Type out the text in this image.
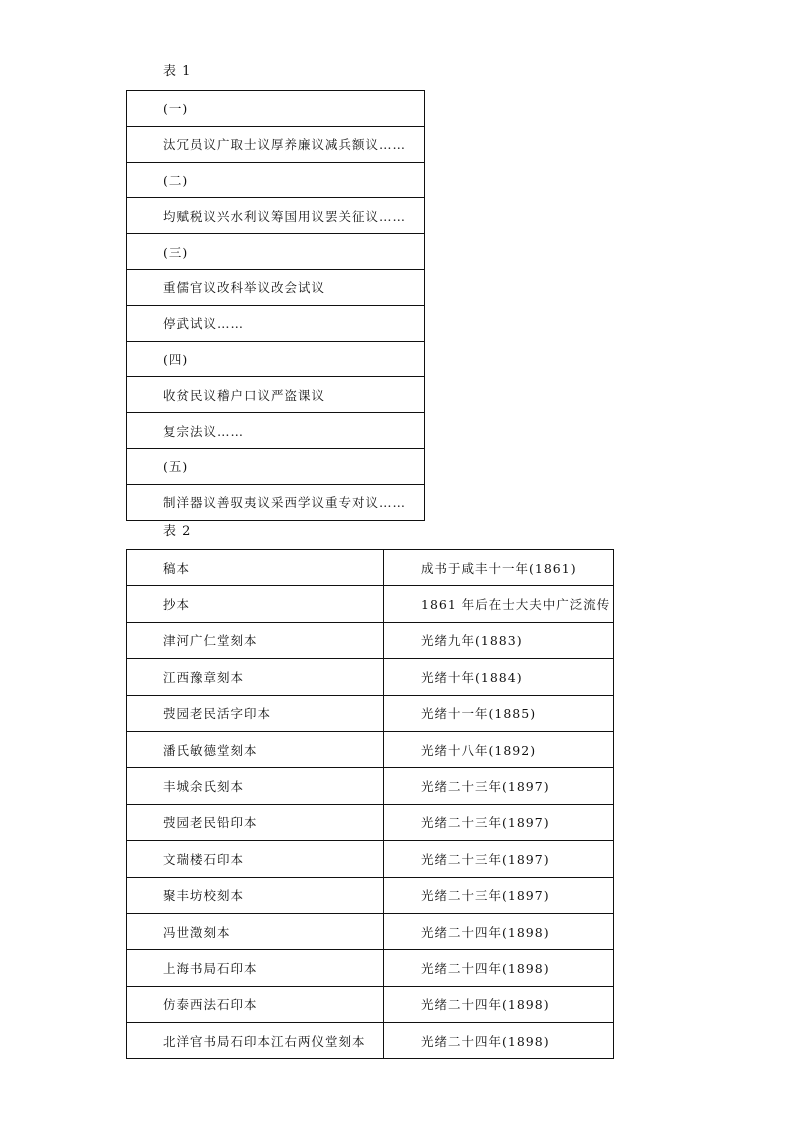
表 1
(一)
汰冗员议广取士议厚养廉议减兵额议……
(二)
均赋税议兴水利议筹国用议罢关征议……
(三)
重儒官议改科举议改会试议
停武试议……
(四)
收贫民议稽户口议严盗课议
复宗法议……
(五)
制洋器议善驭夷议采西学议重专对议……
表 2
稿本	成书于咸丰十一年(1861)
抄本	1861 年后在士大夫中广泛流传
津河广仁堂刻本	光绪九年(1883)
江西豫章刻本	光绪十年(1884)
弢园老民活字印本	光绪十一年(1885)
潘氏敏德堂刻本	光绪十八年(1892)
丰城余氏刻本	光绪二十三年(1897)
弢园老民铅印本	光绪二十三年(1897)
文瑞楼石印本	光绪二十三年(1897)
聚丰坊校刻本	光绪二十三年(1897)
冯世澂刻本	光绪二十四年(1898)
上海书局石印本	光绪二十四年(1898)
仿泰西法石印本	光绪二十四年(1898)
北洋官书局石印本江右两仪堂刻本	光绪二十四年(1898)
